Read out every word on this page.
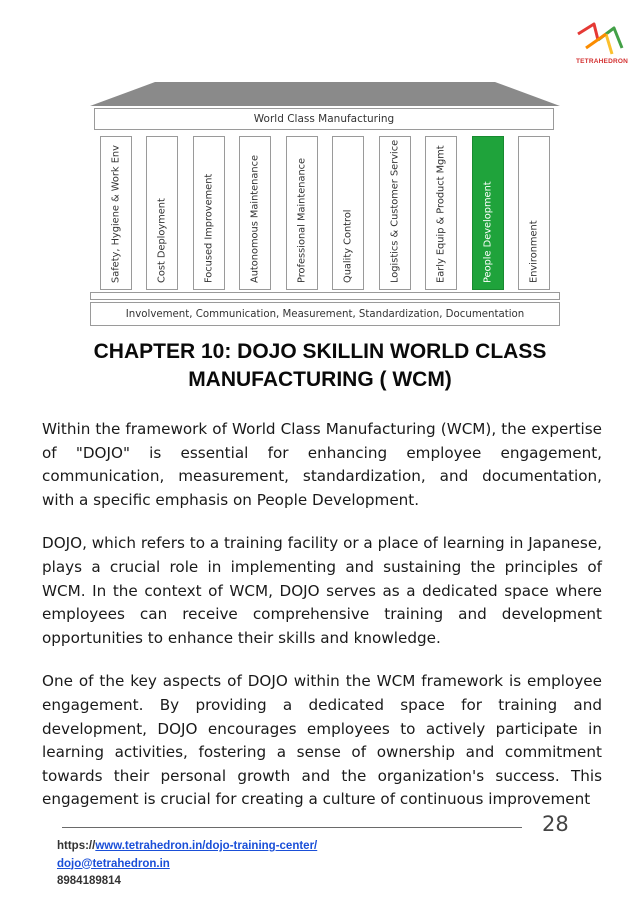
TETRAHEDRON
World Class Manufacturing
Safety, Hygiene & Work Env	Cost Deployment	Focused Improvement	Autonomous Maintenance	Professional Maintenance	Quality Control	Logistics & Customer Service	Early Equip & Product Mgmt	People Development	Environment
Involvement, Communication, Measurement, Standardization, Documentation
CHAPTER 10: DOJO SKILLIN WORLD CLASS
MANUFACTURING ( WCM)

Within the framework of World Class Manufacturing (WCM), the expertise of "DOJO" is essential for enhancing employee engagement, communication, measurement, standardization, and documentation, with a specific emphasis on People Development.

DOJO, which refers to a training facility or a place of learning in Japanese, plays a crucial role in implementing and sustaining the principles of WCM. In the context of WCM, DOJO serves as a dedicated space where employees can receive comprehensive training and development opportunities to enhance their skills and knowledge.

One of the key aspects of DOJO within the WCM framework is employee engagement. By providing a dedicated space for training and development, DOJO encourages employees to actively participate in learning activities, fostering a sense of ownership and commitment towards their personal growth and the organization's success. This engagement is crucial for creating a culture of continuous improvement

28
https://www.tetrahedron.in/dojo-training-center/
dojo@tetrahedron.in
8984189814
